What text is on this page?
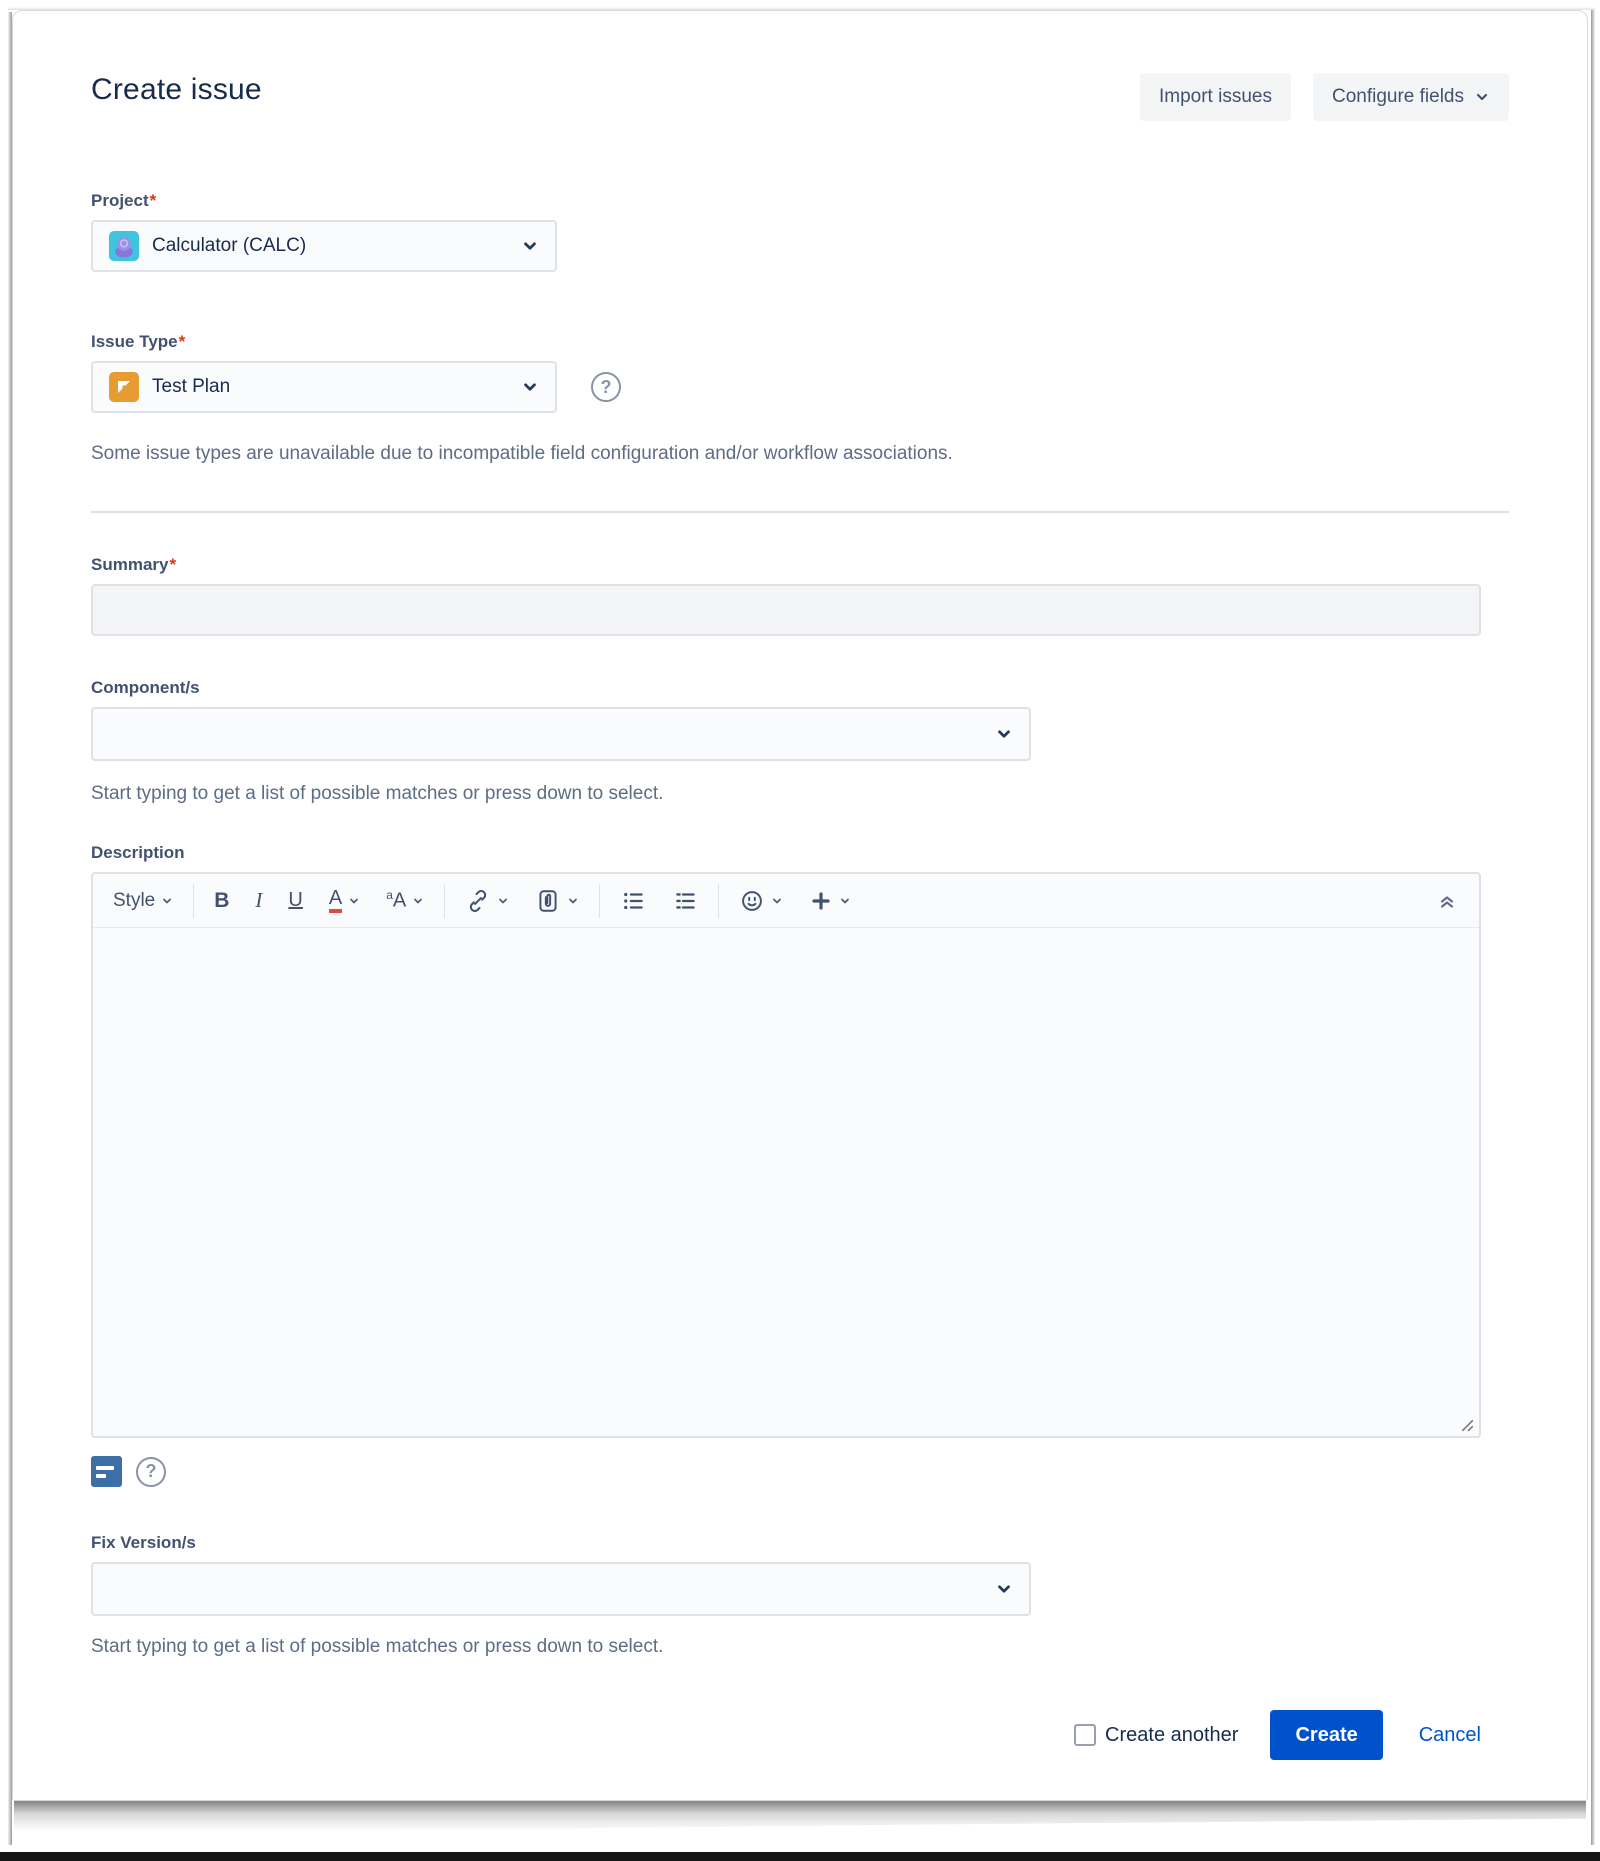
Create issue	Import issues	Configure fields
Project*
Calculator (CALC)
Issue Type*
Test Plan	?
Some issue types are unavailable due to incompatible field configuration and/or workflow associations.
Summary*
Component/s
Start typing to get a list of possible matches or press down to select.
Description
Style	B I U A	$^a$A
?
Fix Version/s
Start typing to get a list of possible matches or press down to select.
Create another	Create	Cancel
